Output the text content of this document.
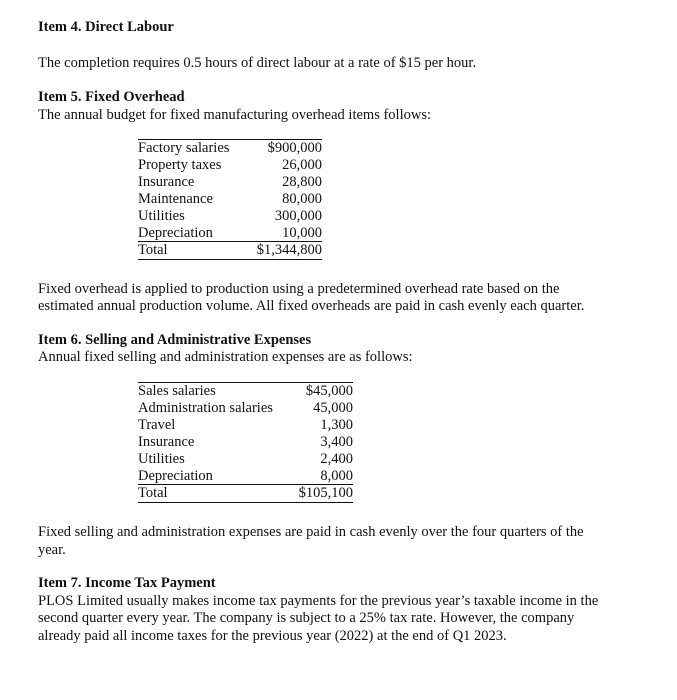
Item 4. Direct Labour
The completion requires 0.5 hours of direct labour at a rate of $15 per hour.
Item 5. Fixed Overhead
The annual budget for fixed manufacturing overhead items follows:
Factory salaries	$900,000
Property taxes	26,000
Insurance	28,800
Maintenance	80,000
Utilities	300,000
Depreciation	10,000
Total	$1,344,800
Fixed overhead is applied to production using a predetermined overhead rate based on the
estimated annual production volume. All fixed overheads are paid in cash evenly each quarter.
Item 6. Selling and Administrative Expenses
Annual fixed selling and administration expenses are as follows:
Sales salaries	$45,000
Administration salaries	45,000
Travel	1,300
Insurance	3,400
Utilities	2,400
Depreciation	8,000
Total	$105,100
Fixed selling and administration expenses are paid in cash evenly over the four quarters of the
year.
Item 7. Income Tax Payment
PLOS Limited usually makes income tax payments for the previous year’s taxable income in the
second quarter every year. The company is subject to a 25% tax rate. However, the company
already paid all income taxes for the previous year (2022) at the end of Q1 2023.
